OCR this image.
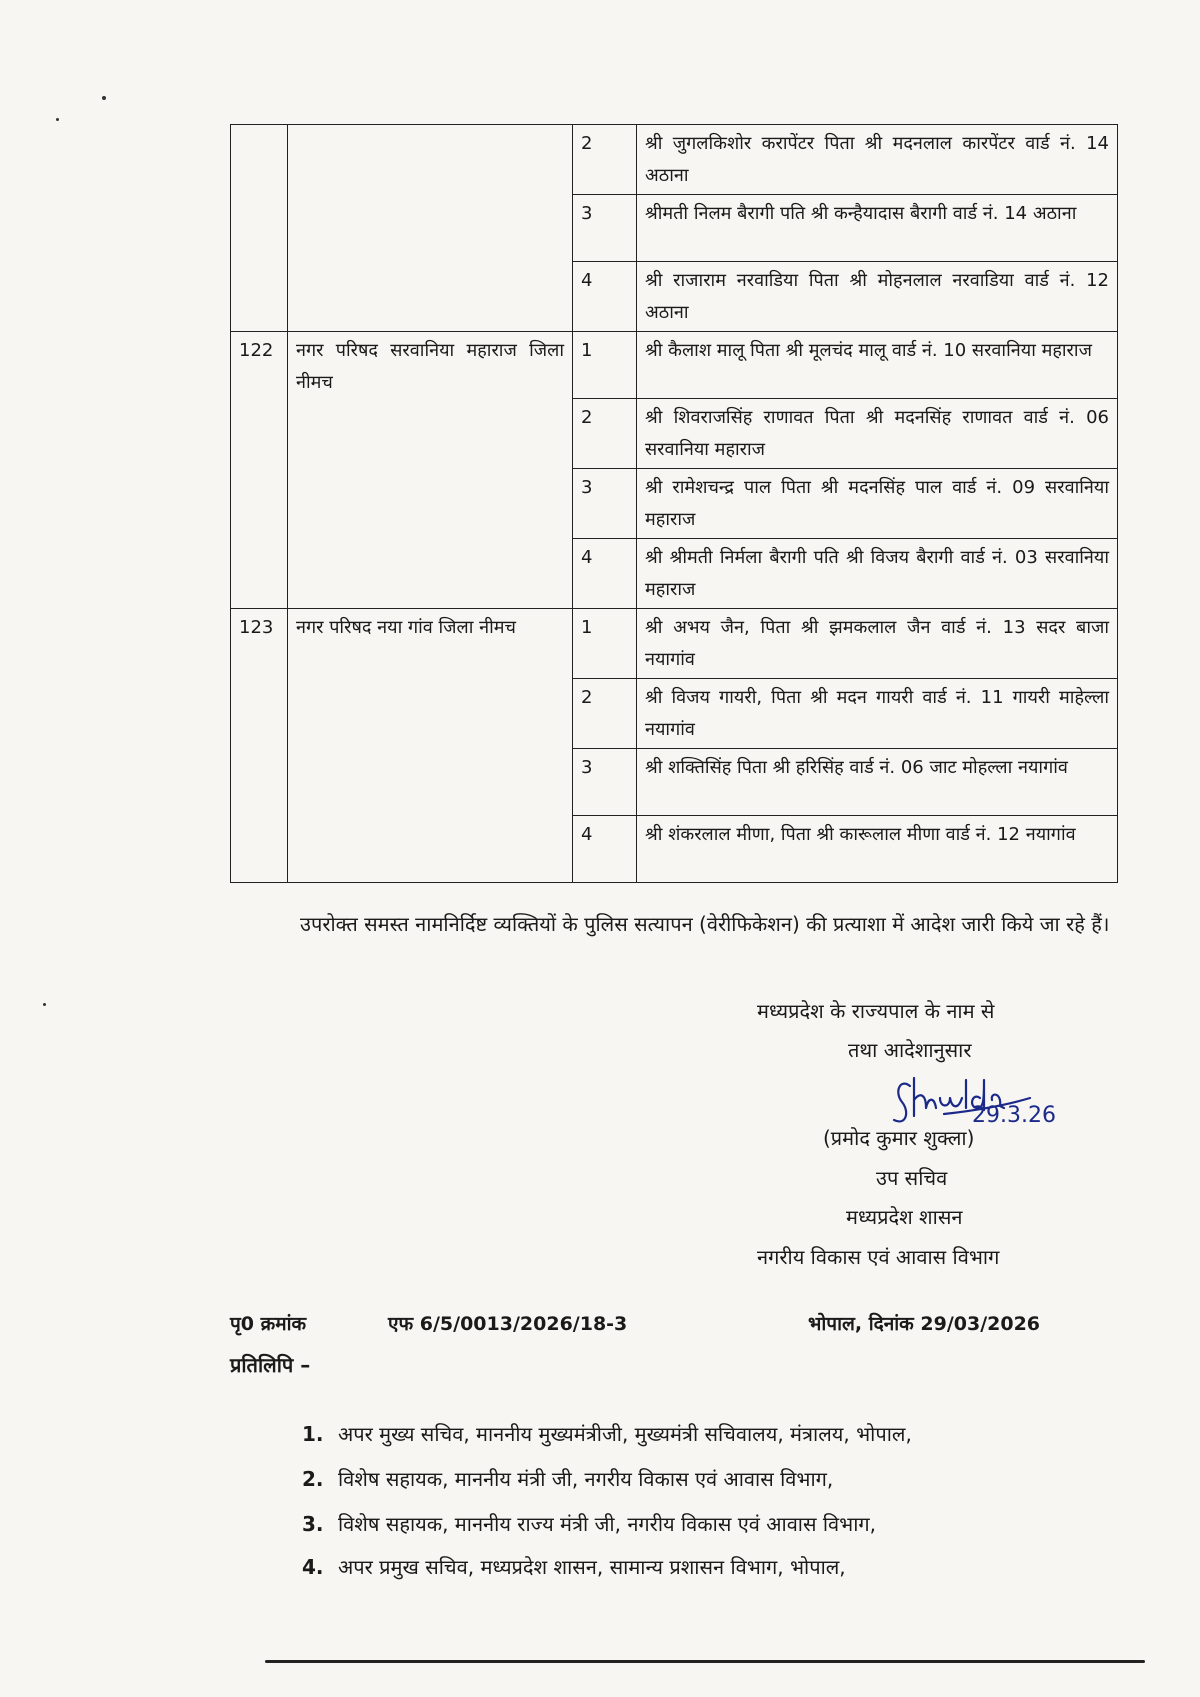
		2	श्री जुगलकिशोर करापेंटर पिता श्री मदनलाल कारपेंटर वार्ड नं. 14 अठाना
		3	श्रीमती निलम बैरागी पति श्री कन्हैयादास बैरागी वार्ड नं. 14 अठाना
		4	श्री राजाराम नरवाडिया पिता श्री मोहनलाल नरवाडिया वार्ड नं. 12 अठाना
122	नगर परिषद सरवानिया महाराज जिला नीमच	1	श्री कैलाश मालू पिता श्री मूलचंद मालू वार्ड नं. 10 सरवानिया महाराज
		2	श्री शिवराजसिंह राणावत पिता श्री मदनसिंह राणावत वार्ड नं. 06 सरवानिया महाराज
		3	श्री रामेशचन्द्र पाल पिता श्री मदनसिंह पाल वार्ड नं. 09 सरवानिया महाराज
		4	श्री श्रीमती निर्मला बैरागी पति श्री विजय बैरागी वार्ड नं. 03 सरवानिया महाराज
123	नगर परिषद नया गांव जिला नीमच	1	श्री अभय जैन, पिता श्री झमकलाल जैन वार्ड नं. 13 सदर बाजा नयागांव
		2	श्री विजय गायरी, पिता श्री मदन गायरी वार्ड नं. 11 गायरी माहेल्ला नयागांव
		3	श्री शक्तिसिंह पिता श्री हरिसिंह वार्ड नं. 06 जाट मोहल्ला नयागांव
		4	श्री शंकरलाल मीणा, पिता श्री कारूलाल मीणा वार्ड नं. 12 नयागांव
उपरोक्त समस्त नामनिर्दिष्ट व्यक्तियों के पुलिस सत्यापन (वेरीफिकेशन) की प्रत्याशा में आदेश जारी किये जा रहे हैं।
मध्यप्रदेश के राज्यपाल के नाम से
तथा आदेशानुसार
29.3.26
(प्रमोद कुमार शुक्ला)
उप सचिव
मध्यप्रदेश शासन
नगरीय विकास एवं आवास विभाग
पृ0 क्रमांक	एफ 6/5/0013/2026/18-3	भोपाल, दिनांक 29/03/2026
प्रतिलिपि –
1. अपर मुख्य सचिव, माननीय मुख्यमंत्रीजी, मुख्यमंत्री सचिवालय, मंत्रालय, भोपाल,
2. विशेष सहायक, माननीय मंत्री जी, नगरीय विकास एवं आवास विभाग,
3. विशेष सहायक, माननीय राज्य मंत्री जी, नगरीय विकास एवं आवास विभाग,
4. अपर प्रमुख सचिव, मध्यप्रदेश शासन, सामान्य प्रशासन विभाग, भोपाल,
